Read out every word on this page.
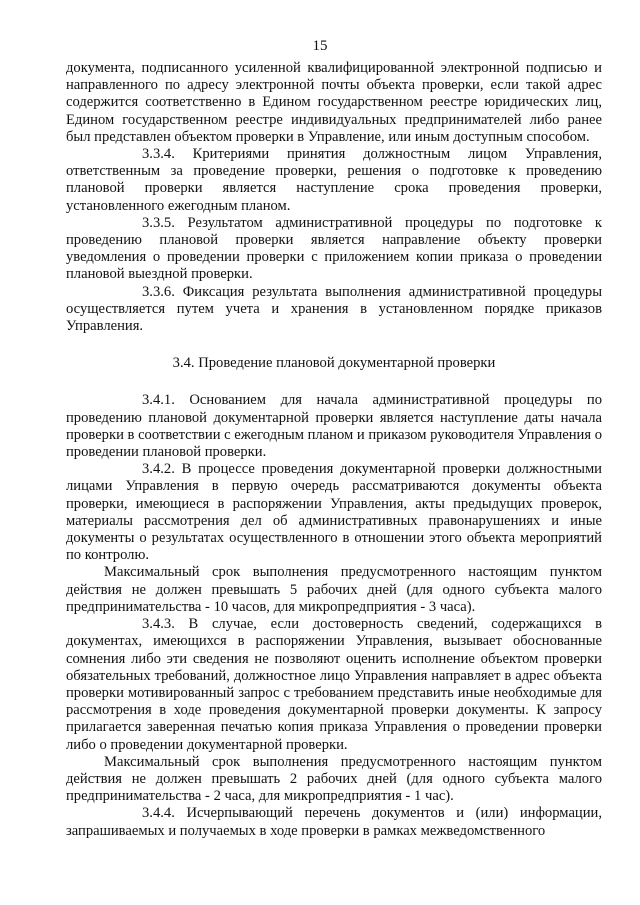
15

документа, подписанного усиленной квалифицированной электронной подписью и направленного по адресу электронной почты объекта проверки, если такой адрес содержится соответственно в Едином государственном реестре юридических лиц, Едином государственном реестре индивидуальных предпринимателей либо ранее был представлен объектом проверки в Управление, или иным доступным способом.

3.3.4. Критериями принятия должностным лицом Управления, ответственным за проведение проверки, решения о подготовке к проведению плановой проверки является наступление срока проведения проверки, установленного ежегодным планом.

3.3.5. Результатом административной процедуры по подготовке к проведению плановой проверки является направление объекту проверки уведомления о проведении проверки с приложением копии приказа о проведении плановой выездной проверки.

3.3.6. Фиксация результата выполнения административной процедуры осуществляется путем учета и хранения в установленном порядке приказов Управления.

3.4. Проведение плановой документарной проверки

3.4.1. Основанием для начала административной процедуры по проведению плановой документарной проверки является наступление даты начала проверки в соответствии с ежегодным планом и приказом руководителя Управления о проведении плановой проверки.

3.4.2. В процессе проведения документарной проверки должностными лицами Управления в первую очередь рассматриваются документы объекта проверки, имеющиеся в распоряжении Управления, акты предыдущих проверок, материалы рассмотрения дел об административных правонарушениях и иные документы о результатах осуществленного в отношении этого объекта мероприятий по контролю.

Максимальный срок выполнения предусмотренного настоящим пунктом действия не должен превышать 5 рабочих дней (для одного субъекта малого предпринимательства - 10 часов, для микропредприятия - 3 часа).

3.4.3. В случае, если достоверность сведений, содержащихся в документах, имеющихся в распоряжении Управления, вызывает обоснованные сомнения либо эти сведения не позволяют оценить исполнение объектом проверки обязательных требований, должностное лицо Управления направляет в адрес объекта проверки мотивированный запрос с требованием представить иные необходимые для рассмотрения в ходе проведения документарной проверки документы. К запросу прилагается заверенная печатью копия приказа Управления о проведении проверки либо о проведении документарной проверки.

Максимальный срок выполнения предусмотренного настоящим пунктом действия не должен превышать 2 рабочих дней (для одного субъекта малого предпринимательства - 2 часа, для микропредприятия - 1 час).

3.4.4. Исчерпывающий перечень документов и (или) информации, запрашиваемых и получаемых в ходе проверки в рамках межведомственного
